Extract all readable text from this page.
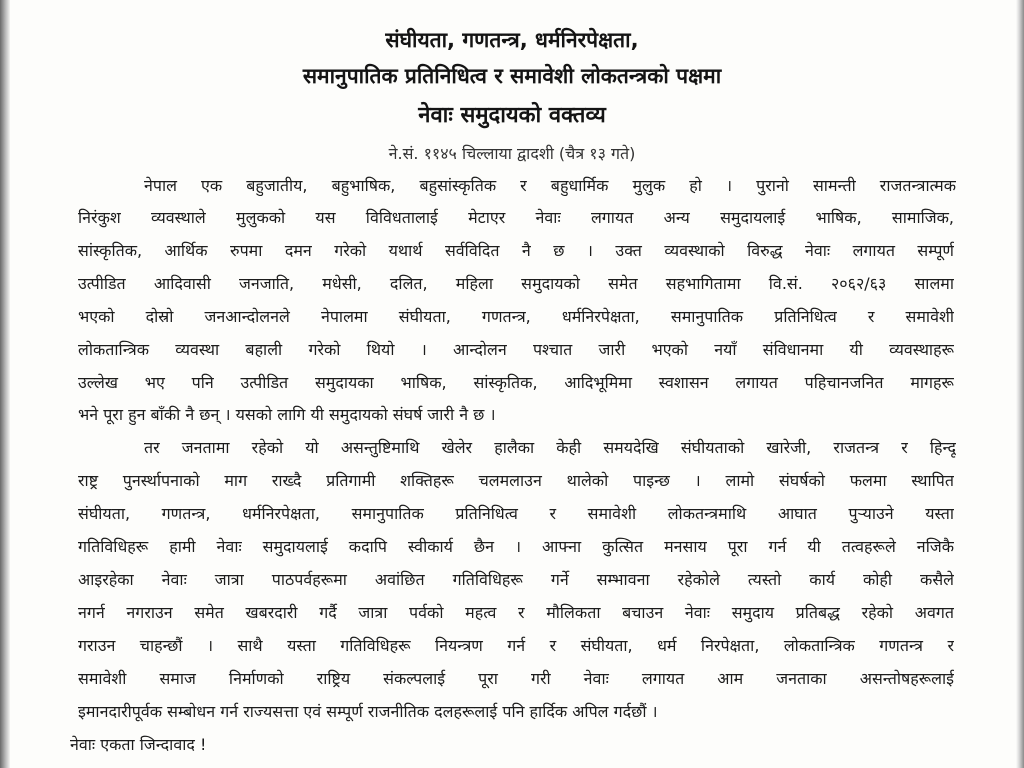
संघीयता, गणतन्त्र, धर्मनिरपेक्षता,
समानुपातिक प्रतिनिधित्व र समावेशी लोकतन्त्रको पक्षमा
नेवाः समुदायको वक्तव्य
ने.सं. ११४५ चिल्लाया द्वादशी (चैत्र १३ गते)
नेपाल एक बहुजातीय, बहुभाषिक, बहुसांस्कृतिक र बहुधार्मिक मुलुक हो । पुरानो सामन्ती राजतन्त्रात्मक
निरंकुश व्यवस्थाले मुलुकको यस विविधतालाई मेटाएर नेवाः लगायत अन्य समुदायलाई भाषिक, सामाजिक,
सांस्कृतिक, आर्थिक रुपमा दमन गरेको यथार्थ सर्वविदित नै छ । उक्त व्यवस्थाको विरुद्ध नेवाः लगायत सम्पूर्ण
उत्पीडित आदिवासी जनजाति, मधेसी, दलित, महिला समुदायको समेत सहभागितामा वि.सं. २०६२/६३ सालमा
भएको दोस्रो जनआन्दोलनले नेपालमा संघीयता, गणतन्त्र, धर्मनिरपेक्षता, समानुपातिक प्रतिनिधित्व र समावेशी
लोकतान्त्रिक व्यवस्था बहाली गरेको थियो । आन्दोलन पश्चात जारी भएको नयाँ संविधानमा यी व्यवस्थाहरू
उल्लेख भए पनि उत्पीडित समुदायका भाषिक, सांस्कृतिक, आदिभूमिमा स्वशासन लगायत पहिचानजनित मागहरू
भने पूरा हुन बाँकी नै छन् । यसको लागि यी समुदायको संघर्ष जारी नै छ ।
तर जनतामा रहेको यो असन्तुष्टिमाथि खेलेर हालैका केही समयदेखि संघीयताको खारेजी, राजतन्त्र र हिन्दू
राष्ट्र पुनर्स्थापनाको माग राख्दै प्रतिगामी शक्तिहरू चलमलाउन थालेको पाइन्छ । लामो संघर्षको फलमा स्थापित
संघीयता, गणतन्त्र, धर्मनिरपेक्षता, समानुपातिक प्रतिनिधित्व र समावेशी लोकतन्त्रमाथि आघात पुर्‍याउने यस्ता
गतिविधिहरू हामी नेवाः समुदायलाई कदापि स्वीकार्य छैन । आफ्ना कुत्सित मनसाय पूरा गर्न यी तत्वहरूले नजिकै
आइरहेका नेवाः जात्रा पाठपर्वहरूमा अवांछित गतिविधिहरू गर्ने सम्भावना रहेकोले त्यस्तो कार्य कोही कसैले
नगर्न नगराउन समेत खबरदारी गर्दै जात्रा पर्वको महत्व र मौलिकता बचाउन नेवाः समुदाय प्रतिबद्ध रहेको अवगत
गराउन चाहन्छौं । साथै यस्ता गतिविधिहरू नियन्त्रण गर्न र संघीयता, धर्म निरपेक्षता, लोकतान्त्रिक गणतन्त्र र
समावेशी समाज निर्माणको राष्ट्रिय संकल्पलाई पूरा गरी नेवाः लगायत आम जनताका असन्तोषहरूलाई
इमानदारीपूर्वक सम्बोधन गर्न राज्यसत्ता एवं सम्पूर्ण राजनीतिक दलहरूलाई पनि हार्दिक अपिल गर्दछौं ।
नेवाः एकता जिन्दावाद !
